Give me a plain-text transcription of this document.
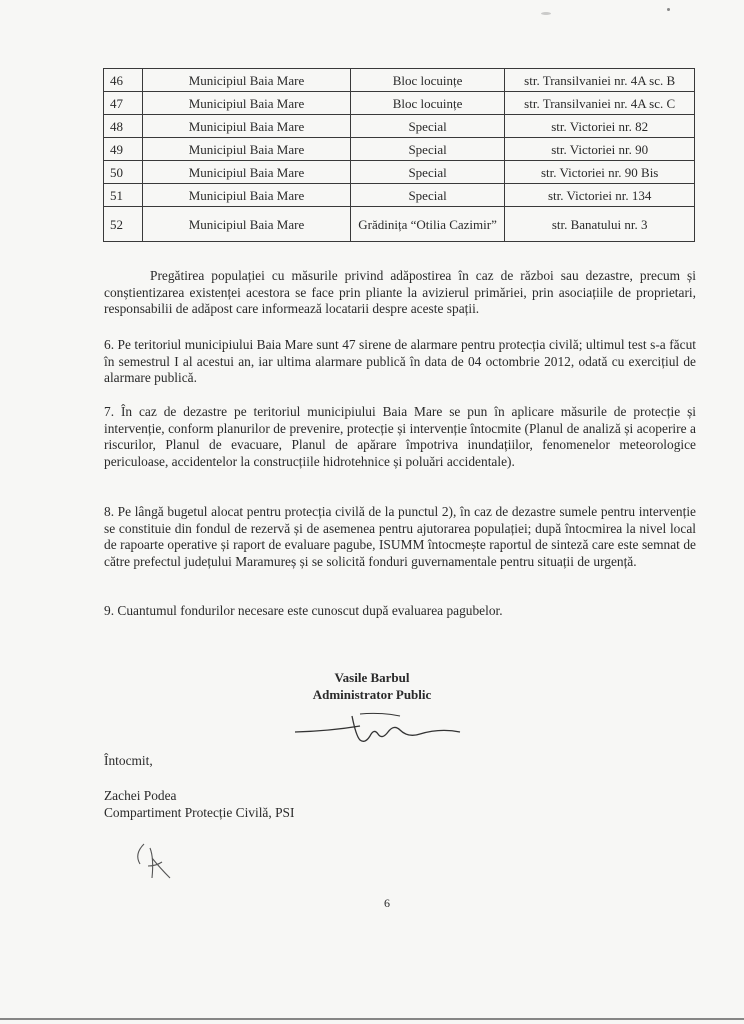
46	Municipiul Baia Mare	Bloc locuințe	str. Transilvaniei nr. 4A sc. B
47	Municipiul Baia Mare	Bloc locuințe	str. Transilvaniei nr. 4A sc. C
48	Municipiul Baia Mare	Special	str. Victoriei nr. 82
49	Municipiul Baia Mare	Special	str. Victoriei nr. 90
50	Municipiul Baia Mare	Special	str. Victoriei nr. 90 Bis
51	Municipiul Baia Mare	Special	str. Victoriei nr. 134
52	Municipiul Baia Mare	Grădinița “Otilia Cazimir”	str. Banatului nr. 3

Pregătirea populației cu măsurile privind adăpostirea în caz de război sau dezastre, precum și conștientizarea existenței acestora se face prin pliante la avizierul primăriei, prin asociațiile de proprietari, responsabilii de adăpost care informează locatarii despre aceste spații.

6. Pe teritoriul municipiului Baia Mare sunt 47 sirene de alarmare pentru protecția civilă; ultimul test s-a făcut în semestrul I al acestui an, iar ultima alarmare publică în data de 04 octombrie 2012, odată cu exercițiul de alarmare publică.

7. În caz de dezastre pe teritoriul municipiului Baia Mare se pun în aplicare măsurile de protecție și intervenție, conform planurilor de prevenire, protecție și intervenție întocmite (Planul de analiză și acoperire a riscurilor, Planul de evacuare, Planul de apărare împotriva inundațiilor, fenomenelor meteorologice periculoase, accidentelor la construcțiile hidrotehnice și poluări accidentale).

8. Pe lângă bugetul alocat pentru protecția civilă de la punctul 2), în caz de dezastre sumele pentru intervenție se constituie din fondul de rezervă și de asemenea pentru ajutorarea populației; după întocmirea la nivel local de rapoarte operative și raport de evaluare pagube, ISUMM întocmește raportul de sinteză care este semnat de către prefectul județului Maramureș și se solicită fonduri guvernamentale pentru situații de urgență.

9. Cuantumul fondurilor necesare este cunoscut după evaluarea pagubelor.

Vasile Barbul
Administrator Public
Întocmit,
Zachei Podea
Compartiment Protecție Civilă, PSI
6
